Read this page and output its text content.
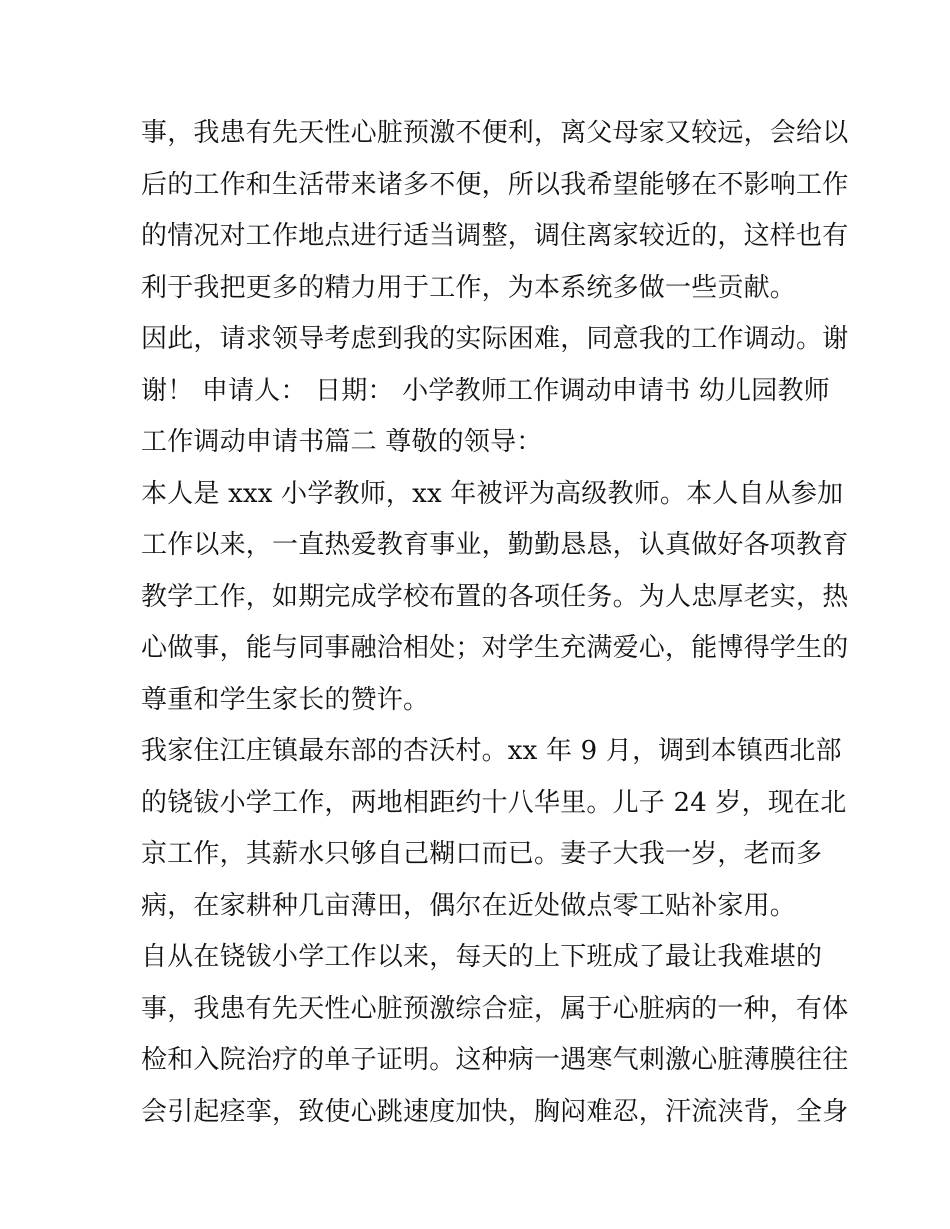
事，我患有先天性心脏预激不便利，离父母家又较远，会给以
后的工作和生活带来诸多不便，所以我希望能够在不影响工作
的情况对工作地点进行适当调整，调住离家较近的，这样也有
利于我把更多的精力用于工作，为本系统多做一些贡献。
因此，请求领导考虑到我的实际困难，同意我的工作调动。谢
谢！ 申请人： 日期： 小学教师工作调动申请书 幼儿园教师
工作调动申请书篇二 尊敬的领导：
本人是 xxx 小学教师，xx 年被评为高级教师。本人自从参加
工作以来，一直热爱教育事业，勤勤恳恳，认真做好各项教育
教学工作，如期完成学校布置的各项任务。为人忠厚老实，热
心做事，能与同事融洽相处；对学生充满爱心，能博得学生的
尊重和学生家长的赞许。
我家住江庄镇最东部的杏沃村。xx 年 9 月，调到本镇西北部
的铙钹小学工作，两地相距约十八华里。儿子 24 岁，现在北
京工作，其薪水只够自己糊口而已。妻子大我一岁，老而多
病，在家耕种几亩薄田，偶尔在近处做点零工贴补家用。
自从在铙钹小学工作以来，每天的上下班成了最让我难堪的
事，我患有先天性心脏预激综合症，属于心脏病的一种，有体
检和入院治疗的单子证明。这种病一遇寒气刺激心脏薄膜往往
会引起痉挛，致使心跳速度加快，胸闷难忍，汗流浃背，全身
